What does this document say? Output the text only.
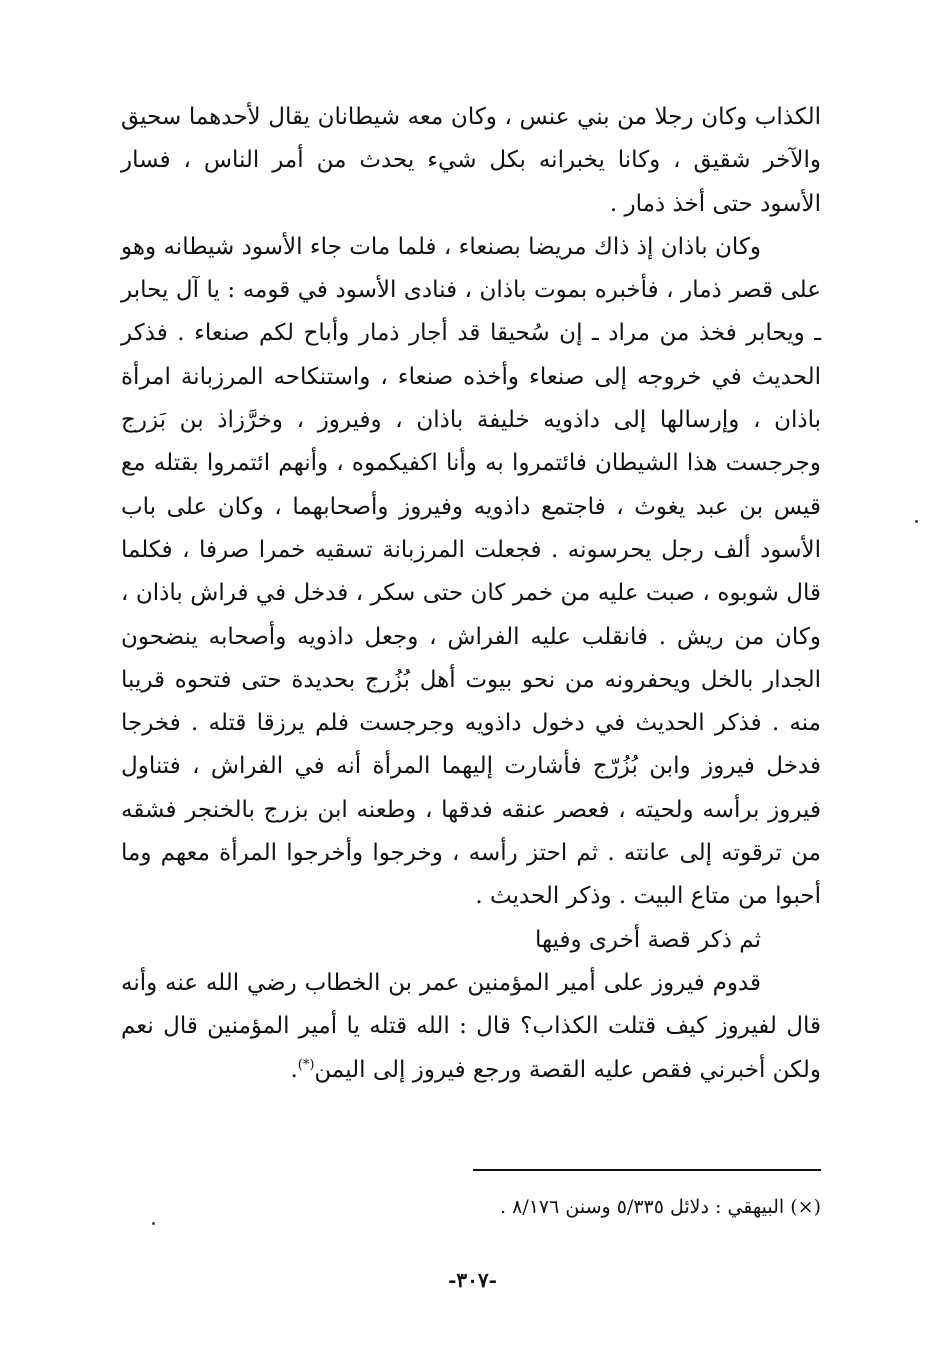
الكذاب وكان رجلا من بني عنس ، وكان معه شيطانان يقال لأحدهما سحيق والآخر شقيق ، وكانا يخبرانه بكل شيء يحدث من أمر الناس ، فسار الأسود حتى أخذ ذمار .

وكان باذان إذ ذاك مريضا بصنعاء ، فلما مات جاء الأسود شيطانه وهو على قصر ذمار ، فأخبره بموت باذان ، فنادى الأسود في قومه : يا آل يحابر ـ ويحابر فخذ من مراد ـ إن سُحيقا قد أجار ذمار وأباح لكم صنعاء . فذكر الحديث في خروجه إلى صنعاء وأخذه صنعاء ، واستنكاحه المرزبانة امرأة باذان ، وإرسالها إلى داذويه خليفة باذان ، وفيروز ، وخرَّزاذ بن بَزرج وجرجست هذا الشيطان فائتمروا به وأنا اكفيكموه ، وأنهم ائتمروا بقتله مع قيس بن عبد يغوث ، فاجتمع داذويه وفيروز وأصحابهما ، وكان على باب الأسود ألف رجل يحرسونه . فجعلت المرزبانة تسقيه خمرا صرفا ، فكلما قال شوبوه ، صبت عليه من خمر كان حتى سكر ، فدخل في فراش باذان ، وكان من ريش . فانقلب عليه الفراش ، وجعل داذويه وأصحابه ينضحون الجدار بالخل ويحفرونه من نحو بيوت أهل بُزُرج بحديدة حتى فتحوه قريبا منه . فذكر الحديث في دخول داذويه وجرجست فلم يرزقا قتله . فخرجا فدخل فيروز وابن بُزُرّج فأشارت إليهما المرأة أنه في الفراش ، فتناول فيروز برأسه ولحيته ، فعصر عنقه فدقها ، وطعنه ابن بزرج بالخنجر فشقه من ترقوته إلى عانته . ثم احتز رأسه ، وخرجوا وأخرجوا المرأة معهم وما أحبوا من متاع البيت . وذكر الحديث .

ثم ذكر قصة أخرى وفيها

قدوم فيروز على أمير المؤمنين عمر بن الخطاب رضي الله عنه وأنه قال لفيروز كيف قتلت الكذاب؟ قال : الله قتله يا أمير المؤمنين قال نعم ولكن أخبرني فقص عليه القصة ورجع فيروز إلى اليمن(*).

(×) البيهقي : دلائل ٥/٣٣٥ وسنن ٨/١٧٦ .
-٣٠٧-
